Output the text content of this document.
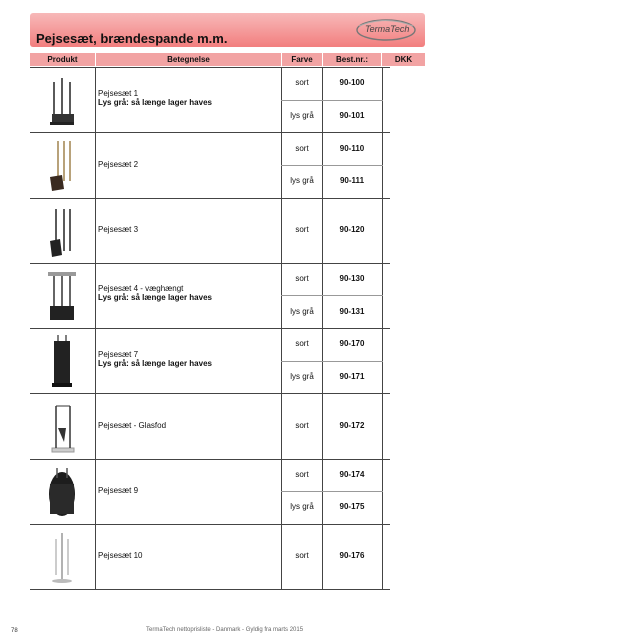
Pejsesæt, brændespande m.m.
TermaTech
Produkt	Betegnelse	Farve	Best.nr.:	DKK
Pejsesæt 1
Lys grå: så længe lager haves
sort	90-100
lys grå	90-101
Pejsesæt 2
sort	90-110
lys grå	90-111
Pejsesæt 3	sort	90-120
Pejsesæt 4 - væghængt
Lys grå: så længe lager haves
sort	90-130
lys grå	90-131
Pejsesæt 7
Lys grå: så længe lager haves
sort	90-170
lys grå	90-171
Pejsesæt - Glasfod	sort	90-172
Pejsesæt 9
sort	90-174
lys grå	90-175
Pejsesæt 10	sort	90-176
78	TermaTech nettoprisliste - Danmark - Gyldig fra marts 2015
